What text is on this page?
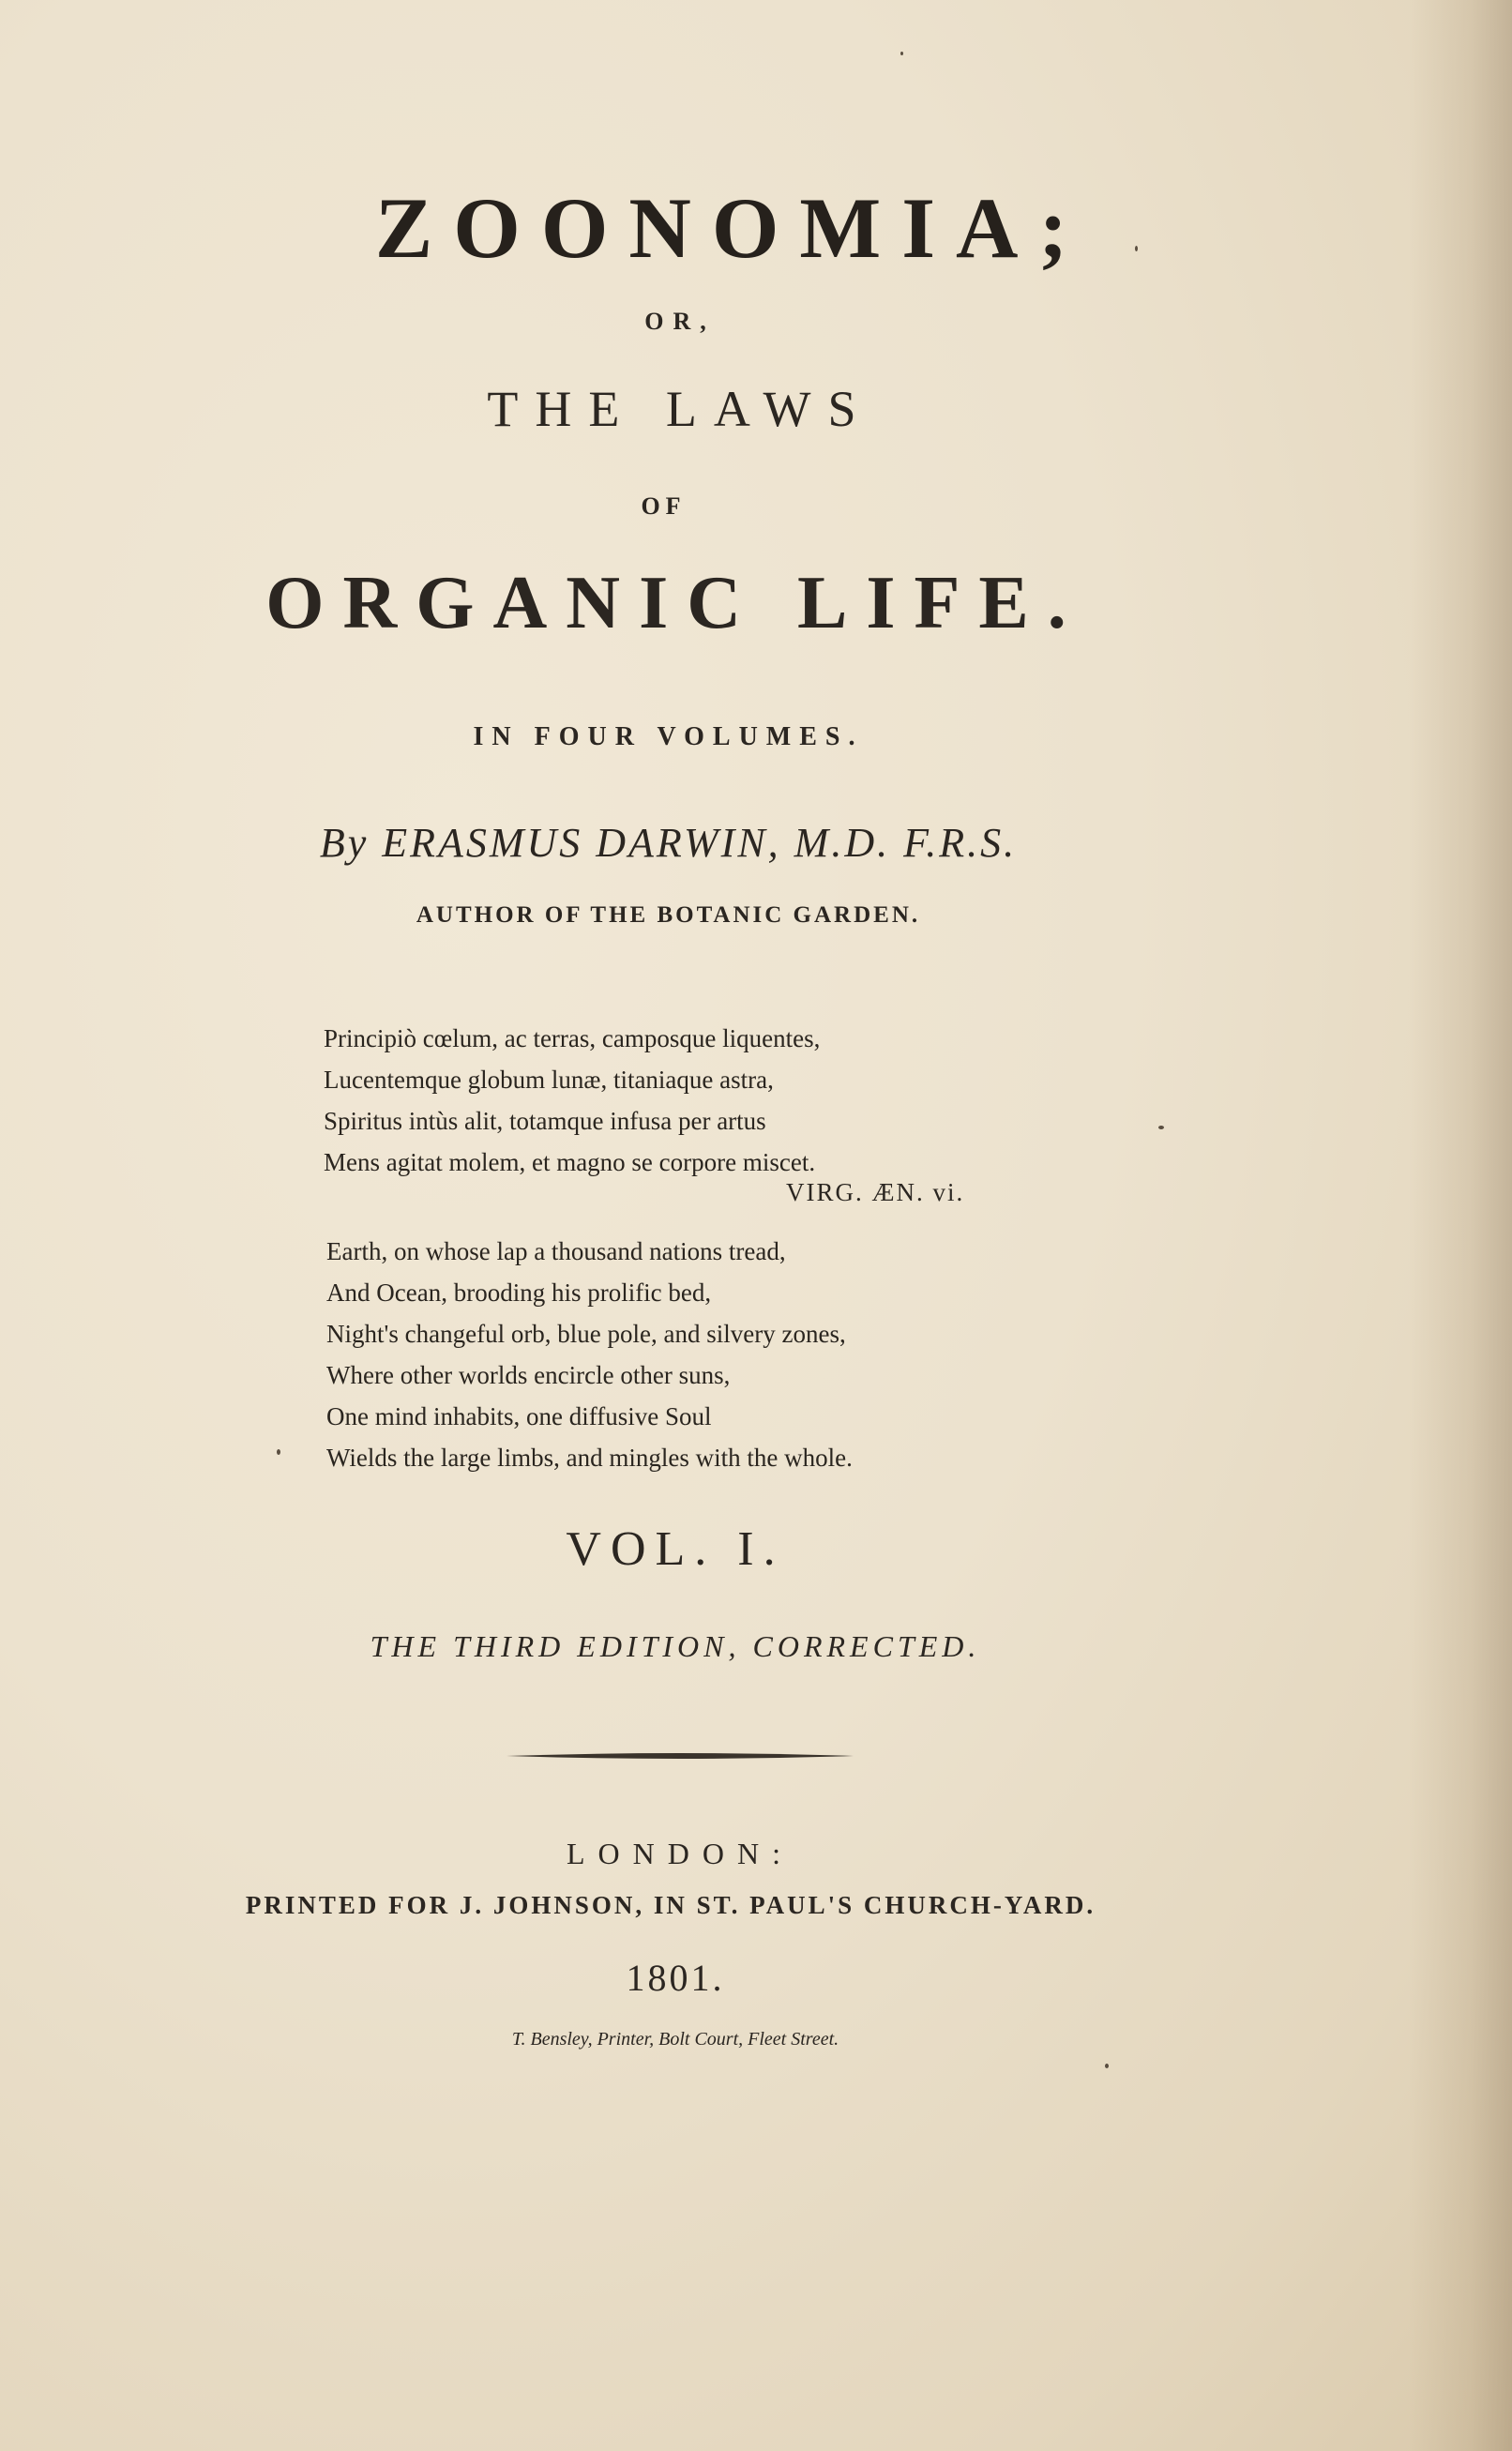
ZOONOMIA;
OR,
THE LAWS
OF
ORGANIC LIFE.
IN FOUR VOLUMES.
By ERASMUS DARWIN, M.D. F.R.S.
AUTHOR OF THE BOTANIC GARDEN.
Principiò cœlum, ac terras, camposque liquentes,
Lucentemque globum lunæ, titaniaque astra,
Spiritus intùs alit, totamque infusa per artus
Mens agitat molem, et magno se corpore miscet.
VIRG. ÆN. vi.
Earth, on whose lap a thousand nations tread,
And Ocean, brooding his prolific bed,
Night's changeful orb, blue pole, and silvery zones,
Where other worlds encircle other suns,
One mind inhabits, one diffusive Soul
Wields the large limbs, and mingles with the whole.
VOL. I.
THE THIRD EDITION, CORRECTED.
LONDON:
PRINTED FOR J. JOHNSON, IN ST. PAUL'S CHURCH-YARD.
1801.
T. Bensley, Printer, Bolt Court, Fleet Street.
